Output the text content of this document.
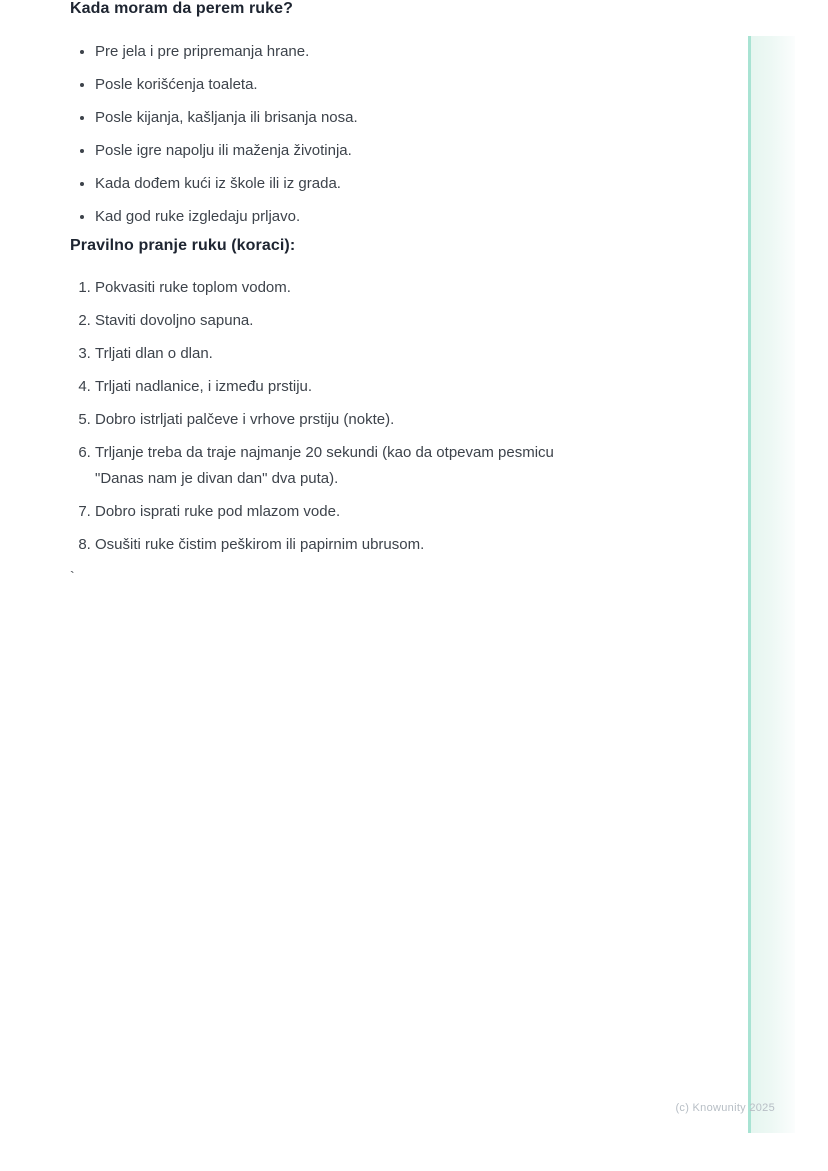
Kada moram da perem ruke?
• Pre jela i pre pripremanja hrane.
• Posle korišćenja toaleta.
• Posle kijanja, kašljanja ili brisanja nosa.
• Posle igre napolju ili maženja životinja.
• Kada dođem kući iz škole ili iz grada.
• Kad god ruke izgledaju prljavo.
Pravilno pranje ruku (koraci):
1. Pokvasiti ruke toplom vodom.
2. Staviti dovoljno sapuna.
3. Trljati dlan o dlan.
4. Trljati nadlanice, i između prstiju.
5. Dobro istrljati palčeve i vrhove prstiju (nokte).
6. Trljanje treba da traje najmanje 20 sekundi (kao da otpevam pesmicu "Danas nam je divan dan" dva puta).
7. Dobro isprati ruke pod mlazom vode.
8. Osušiti ruke čistim peškirom ili papirnim ubrusom.

`

(c) Knowunity 2025
